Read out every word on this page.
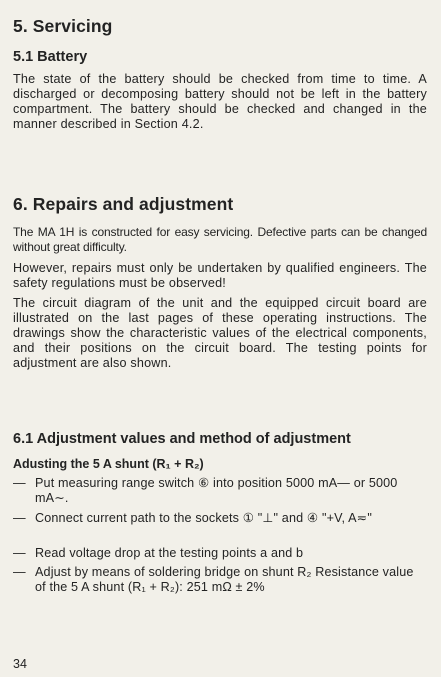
5. Servicing
5.1 Battery
The state of the battery should be checked from time to time. A discharged or decomposing battery should not be left in the battery compartment. The battery should be checked and changed in the manner described in Section 4.2.
6. Repairs and adjustment
The MA 1H is constructed for easy servicing. Defective parts can be changed without great difficulty.
However, repairs must only be undertaken by qualified engineers. The safety regulations must be observed!
The circuit diagram of the unit and the equipped circuit board are illustrated on the last pages of these operating instructions. The drawings show the characteristic values of the electrical components, and their positions on the circuit board. The testing points for adjustment are also shown.
6.1 Adjustment values and method of adjustment
Adusting the 5 A shunt (R₁ + R₂)
— Put measuring range switch ⑥ into position 5000 mA— or 5000 mA∼.
— Connect current path to the sockets ① "⊥" and ④ "+V, A≂"
— Read voltage drop at the testing points a and b
— Adjust by means of soldering bridge on shunt R₂ Resistance value of the 5 A shunt (R₁ + R₂): 251 mΩ ± 2%
34
